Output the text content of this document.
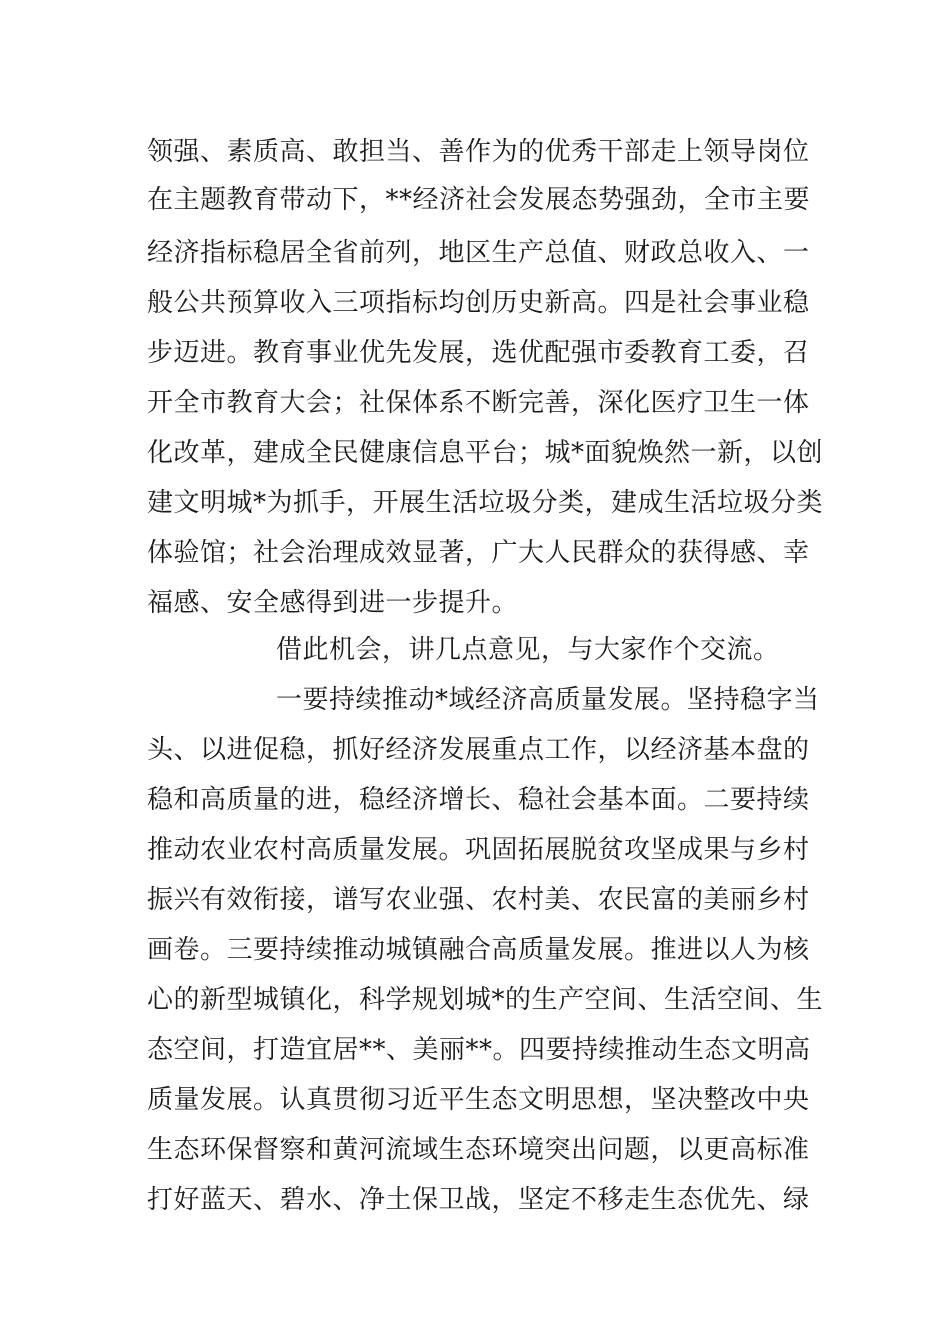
领强、素质高、敢担当、善作为的优秀干部走上领导岗位
在主题教育带动下，**经济社会发展态势强劲，全市主要
经济指标稳居全省前列，地区生产总值、财政总收入、一
般公共预算收入三项指标均创历史新高。四是社会事业稳
步迈进。教育事业优先发展，选优配强市委教育工委，召
开全市教育大会；社保体系不断完善，深化医疗卫生一体
化改革，建成全民健康信息平台；城*面貌焕然一新，以创
建文明城*为抓手，开展生活垃圾分类，建成生活垃圾分类
体验馆；社会治理成效显著，广大人民群众的获得感、幸
福感、安全感得到进一步提升。
借此机会，讲几点意见，与大家作个交流。
一要持续推动*域经济高质量发展。坚持稳字当
头、以进促稳，抓好经济发展重点工作，以经济基本盘的
稳和高质量的进，稳经济增长、稳社会基本面。二要持续
推动农业农村高质量发展。巩固拓展脱贫攻坚成果与乡村
振兴有效衔接，谱写农业强、农村美、农民富的美丽乡村
画卷。三要持续推动城镇融合高质量发展。推进以人为核
心的新型城镇化，科学规划城*的生产空间、生活空间、生
态空间，打造宜居**、美丽**。四要持续推动生态文明高
质量发展。认真贯彻习近平生态文明思想，坚决整改中央
生态环保督察和黄河流域生态环境突出问题，以更高标准
打好蓝天、碧水、净土保卫战，坚定不移走生态优先、绿
